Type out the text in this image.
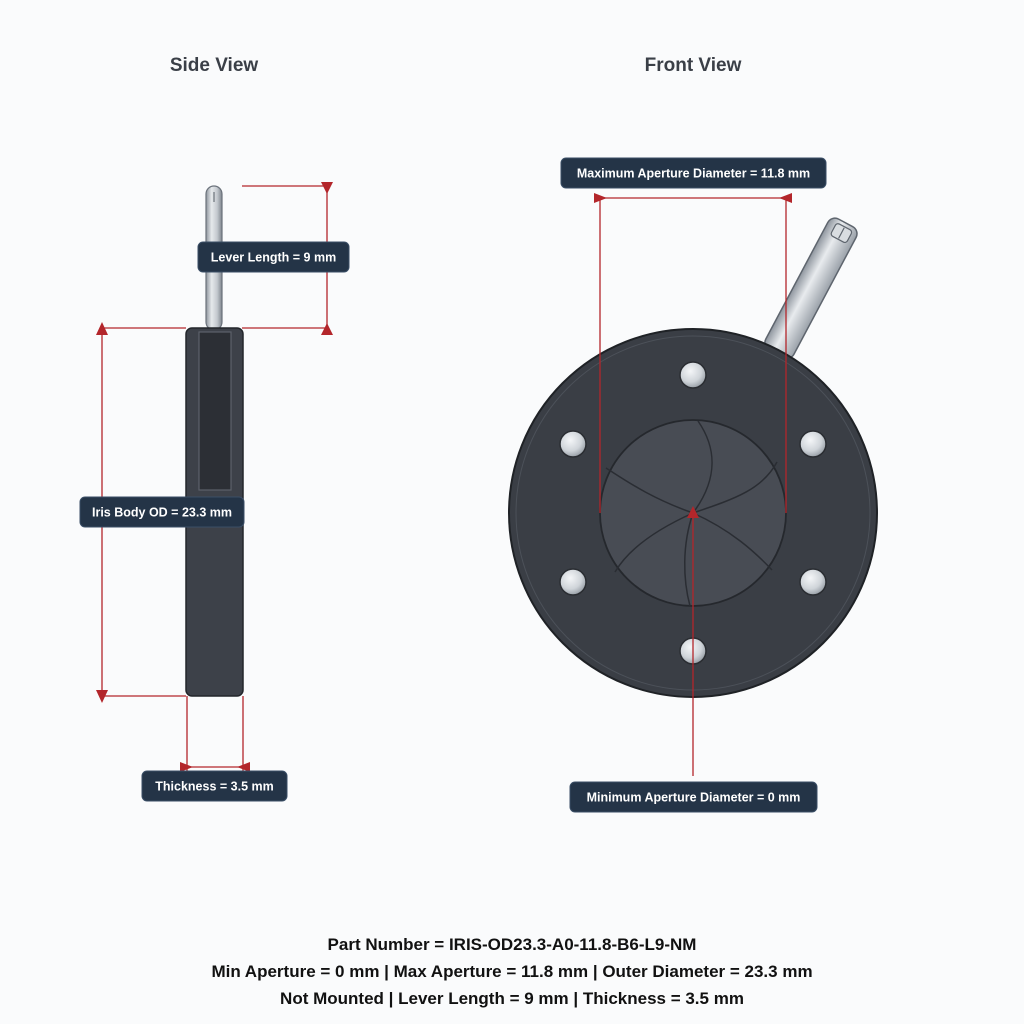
Side View	Front View
Lever Length = 9 mm
Iris Body OD = 23.3 mm
Thickness = 3.5 mm
Maximum Aperture Diameter = 11.8 mm
Minimum Aperture Diameter = 0 mm
Part Number = IRIS-OD23.3-A0-11.8-B6-L9-NM
Min Aperture = 0 mm | Max Aperture = 11.8 mm | Outer Diameter = 23.3 mm
Not Mounted | Lever Length = 9 mm | Thickness = 3.5 mm
